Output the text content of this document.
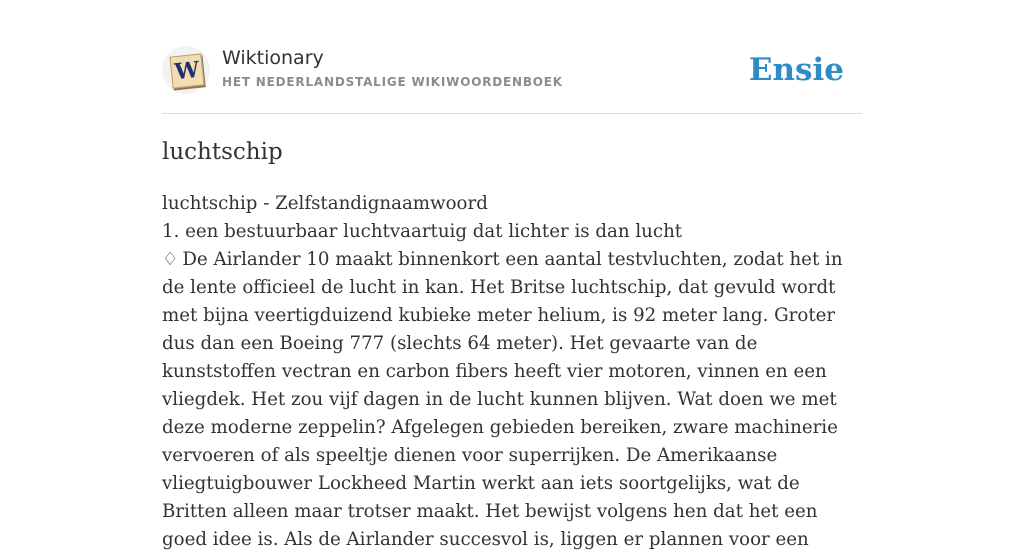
W Wiktionary
HET NEDERLANDSTALIGE WIKIWOORDENBOEK	Ensie
luchtschip

luchtschip - Zelfstandignaamwoord

1. een bestuurbaar luchtvaartuig dat lichter is dan lucht

♢ De Airlander 10 maakt binnenkort een aantal testvluchten, zodat het in de lente officieel de lucht in kan. Het Britse luchtschip, dat gevuld wordt met bijna veertigduizend kubieke meter helium, is 92 meter lang. Groter dus dan een Boeing 777 (slechts 64 meter). Het gevaarte van de kunststoffen vectran en carbon fibers heeft vier motoren, vinnen en een vliegdek. Het zou vijf dagen in de lucht kunnen blijven. Wat doen we met deze moderne zeppelin? Afgelegen gebieden bereiken, zware machinerie vervoeren of als speeltje dienen voor superrijken. De Amerikaanse vliegtuigbouwer Lockheed Martin werkt aan iets soortgelijks, wat de Britten alleen maar trotser maakt. Het bewijst volgens hen dat het een goed idee is. Als de Airlander succesvol is, liggen er plannen voor een
